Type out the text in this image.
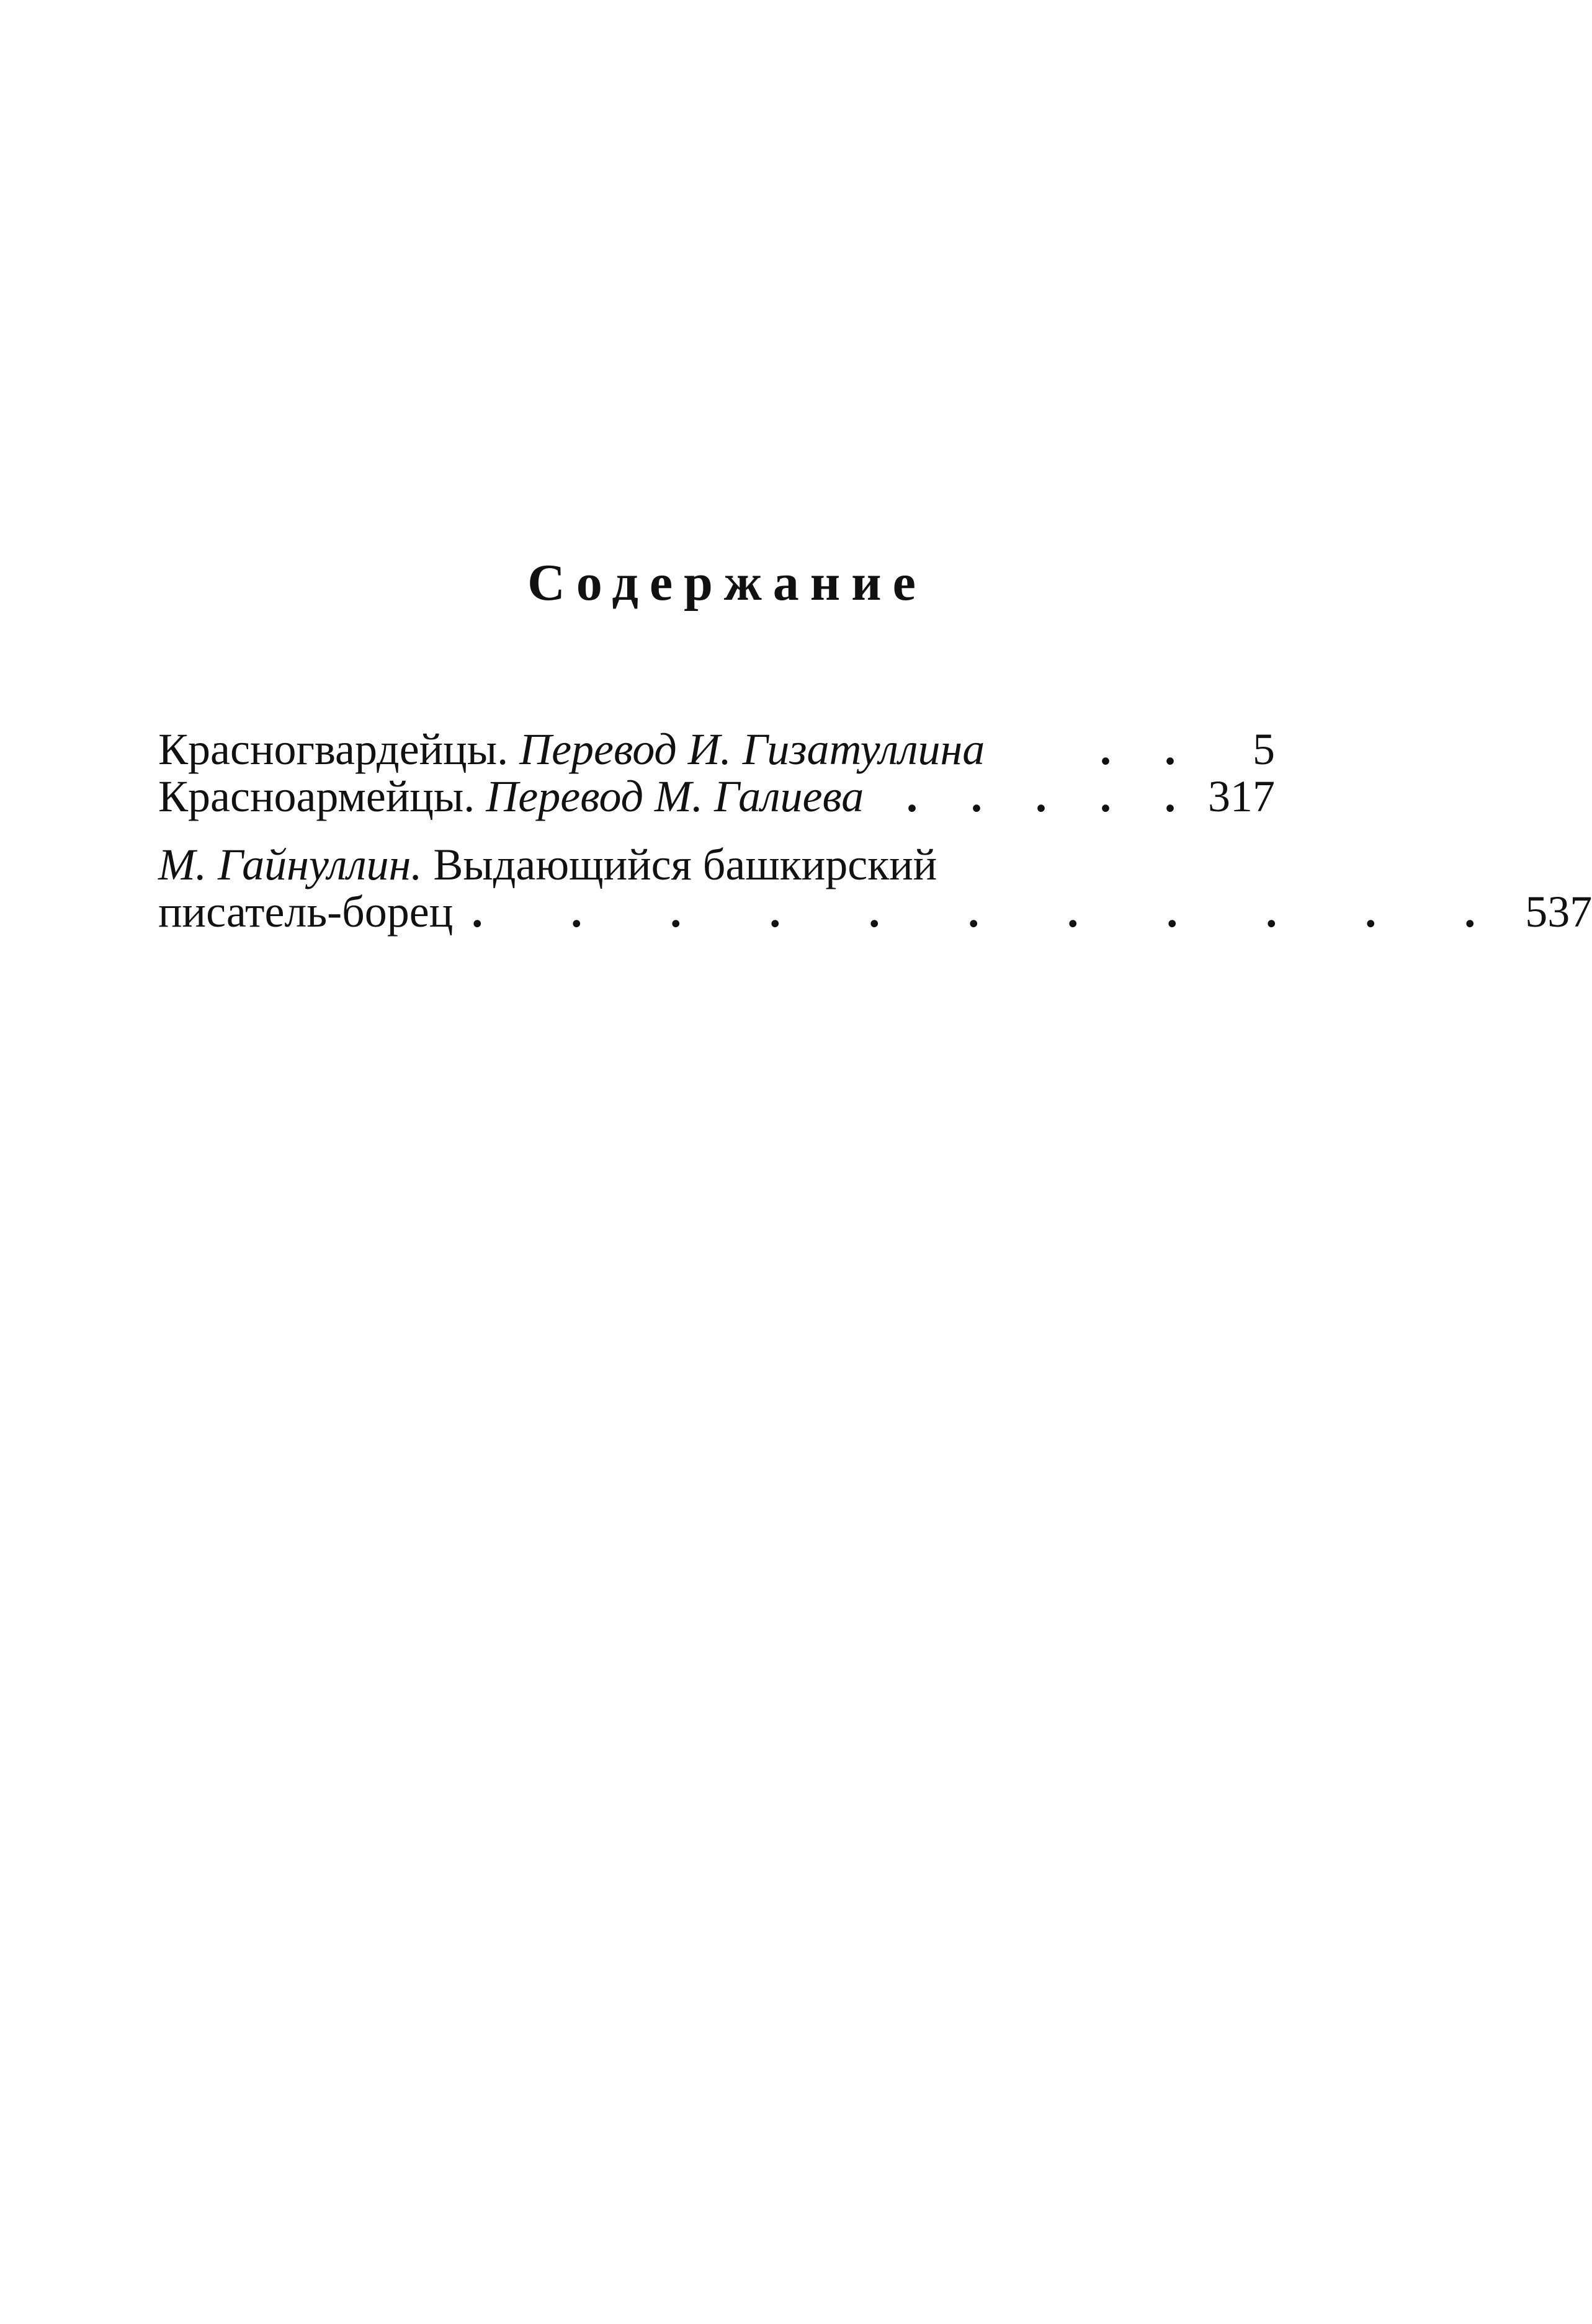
Содержание
Красногвардейцы. Перевод И. Гизатуллина	. .	5
Красноармейцы. Перевод М. Галиева . . . . . 317
М. Гайнуллин. Выдающийся башкирский
писатель-борец . . . . . . . . . . . 537
